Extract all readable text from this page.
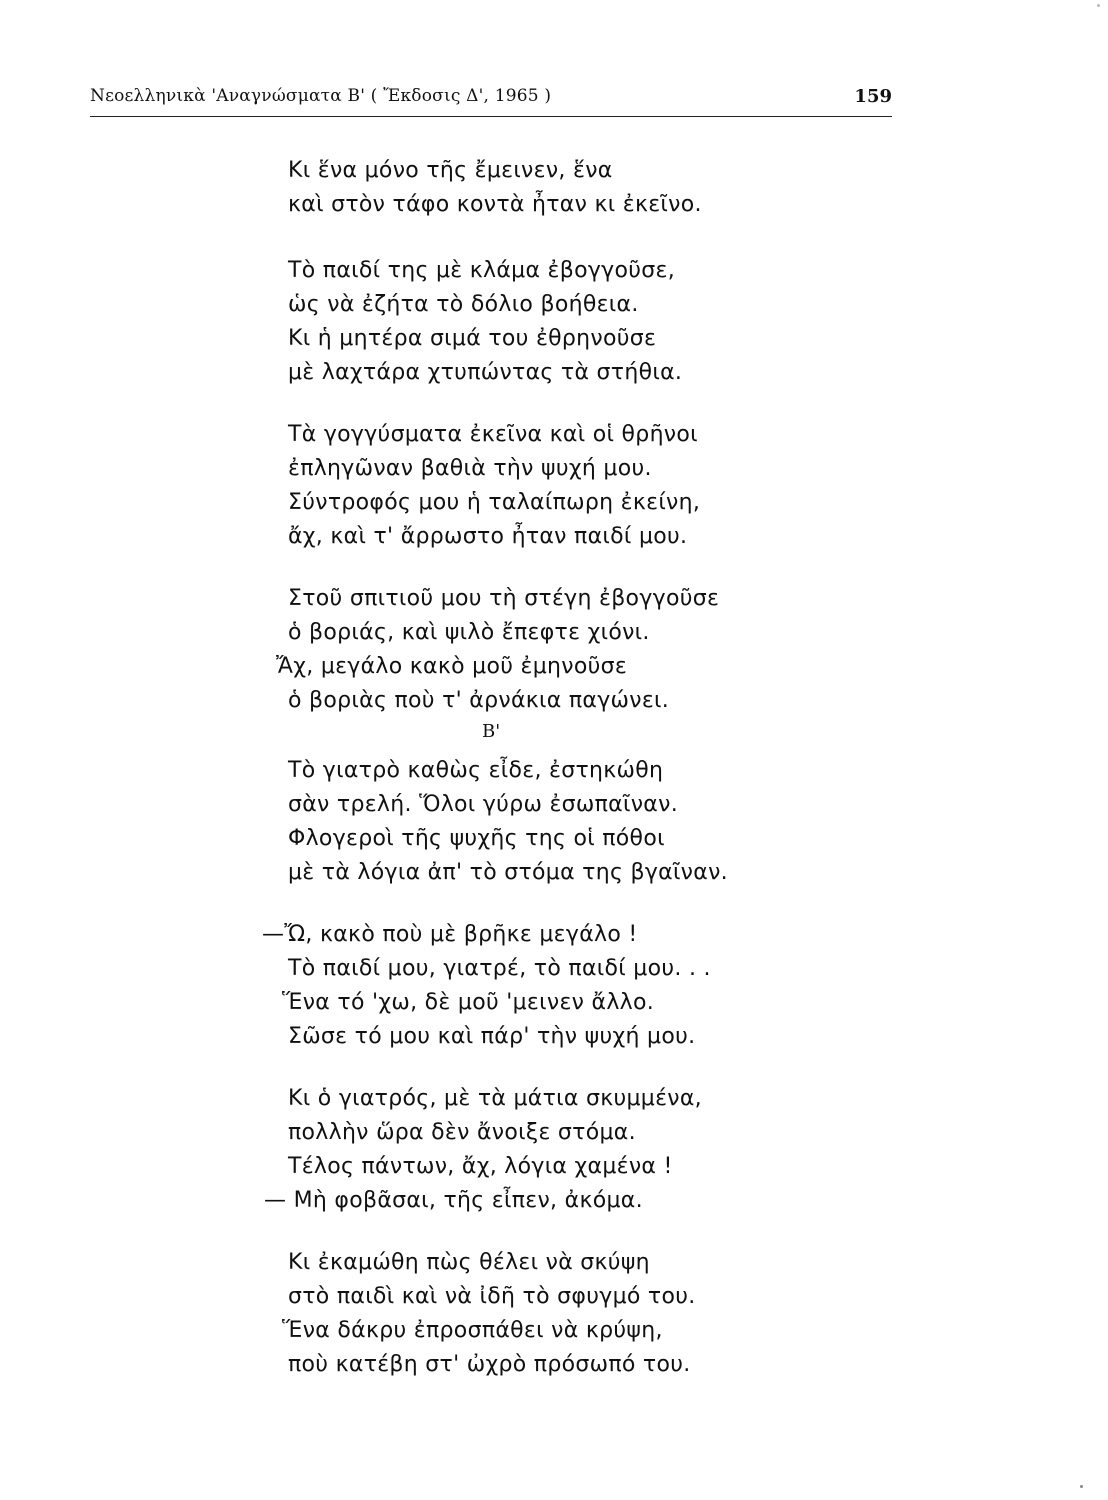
Νεοελληνικὰ 'Αναγνώσματα Β' ( Ἔκδοσις Δ', 1965 )	159
Κι ἕνα μόνο τῆς ἔμεινεν, ἕνα
καὶ στὸν τάφο κοντὰ ἦταν κι ἐκεῖνο.
Τὸ παιδί της μὲ κλάμα ἐβογγοῦσε,
ὡς νὰ ἐζήτα τὸ δόλιο βοήθεια.
Κι ἡ μητέρα σιμά του ἐθρηνοῦσε
μὲ λαχτάρα χτυπώντας τὰ στήθια.
Τὰ γογγύσματα ἐκεῖνα καὶ οἱ θρῆνοι
ἐπληγῶναν βαθιὰ τὴν ψυχή μου.
Σύντροφός μου ἡ ταλαίπωρη ἐκείνη,
ἄχ, καὶ τ' ἄρρωστο ἦταν παιδί μου.
Στοῦ σπιτιοῦ μου τὴ στέγη ἐβογγοῦσε
ὁ βοριάς, καὶ ψιλὸ ἔπεφτε χιόνι.
Ἄχ, μεγάλο κακὸ μοῦ ἐμηνοῦσε
ὁ βοριὰς ποὺ τ' ἀρνάκια παγώνει.
Β'
Τὸ γιατρὸ καθὼς εἶδε, ἐστηκώθη
σὰν τρελή. Ὅλοι γύρω ἐσωπαῖναν.
Φλογεροὶ τῆς ψυχῆς της οἱ πόθοι
μὲ τὰ λόγια ἀπ' τὸ στόμα της βγαῖναν.
—Ὤ, κακὸ ποὺ μὲ βρῆκε μεγάλο !
Τὸ παιδί μου, γιατρέ, τὸ παιδί μου. . .
Ἕνα τό 'χω, δὲ μοῦ 'μεινεν ἄλλο.
Σῶσε τό μου καὶ πάρ' τὴν ψυχή μου.
Κι ὁ γιατρός, μὲ τὰ μάτια σκυμμένα,
πολλὴν ὥρα δὲν ἄνοιξε στόμα.
Τέλος πάντων, ἄχ, λόγια χαμένα !
— Μὴ φοβᾶσαι, τῆς εἶπεν, ἀκόμα.
Κι ἐκαμώθη πὼς θέλει νὰ σκύψη
στὸ παιδὶ καὶ νὰ ἰδῆ τὸ σφυγμό του.
Ἕνα δάκρυ ἐπροσπάθει νὰ κρύψη,
ποὺ κατέβη στ' ὠχρὸ πρόσωπό του.
